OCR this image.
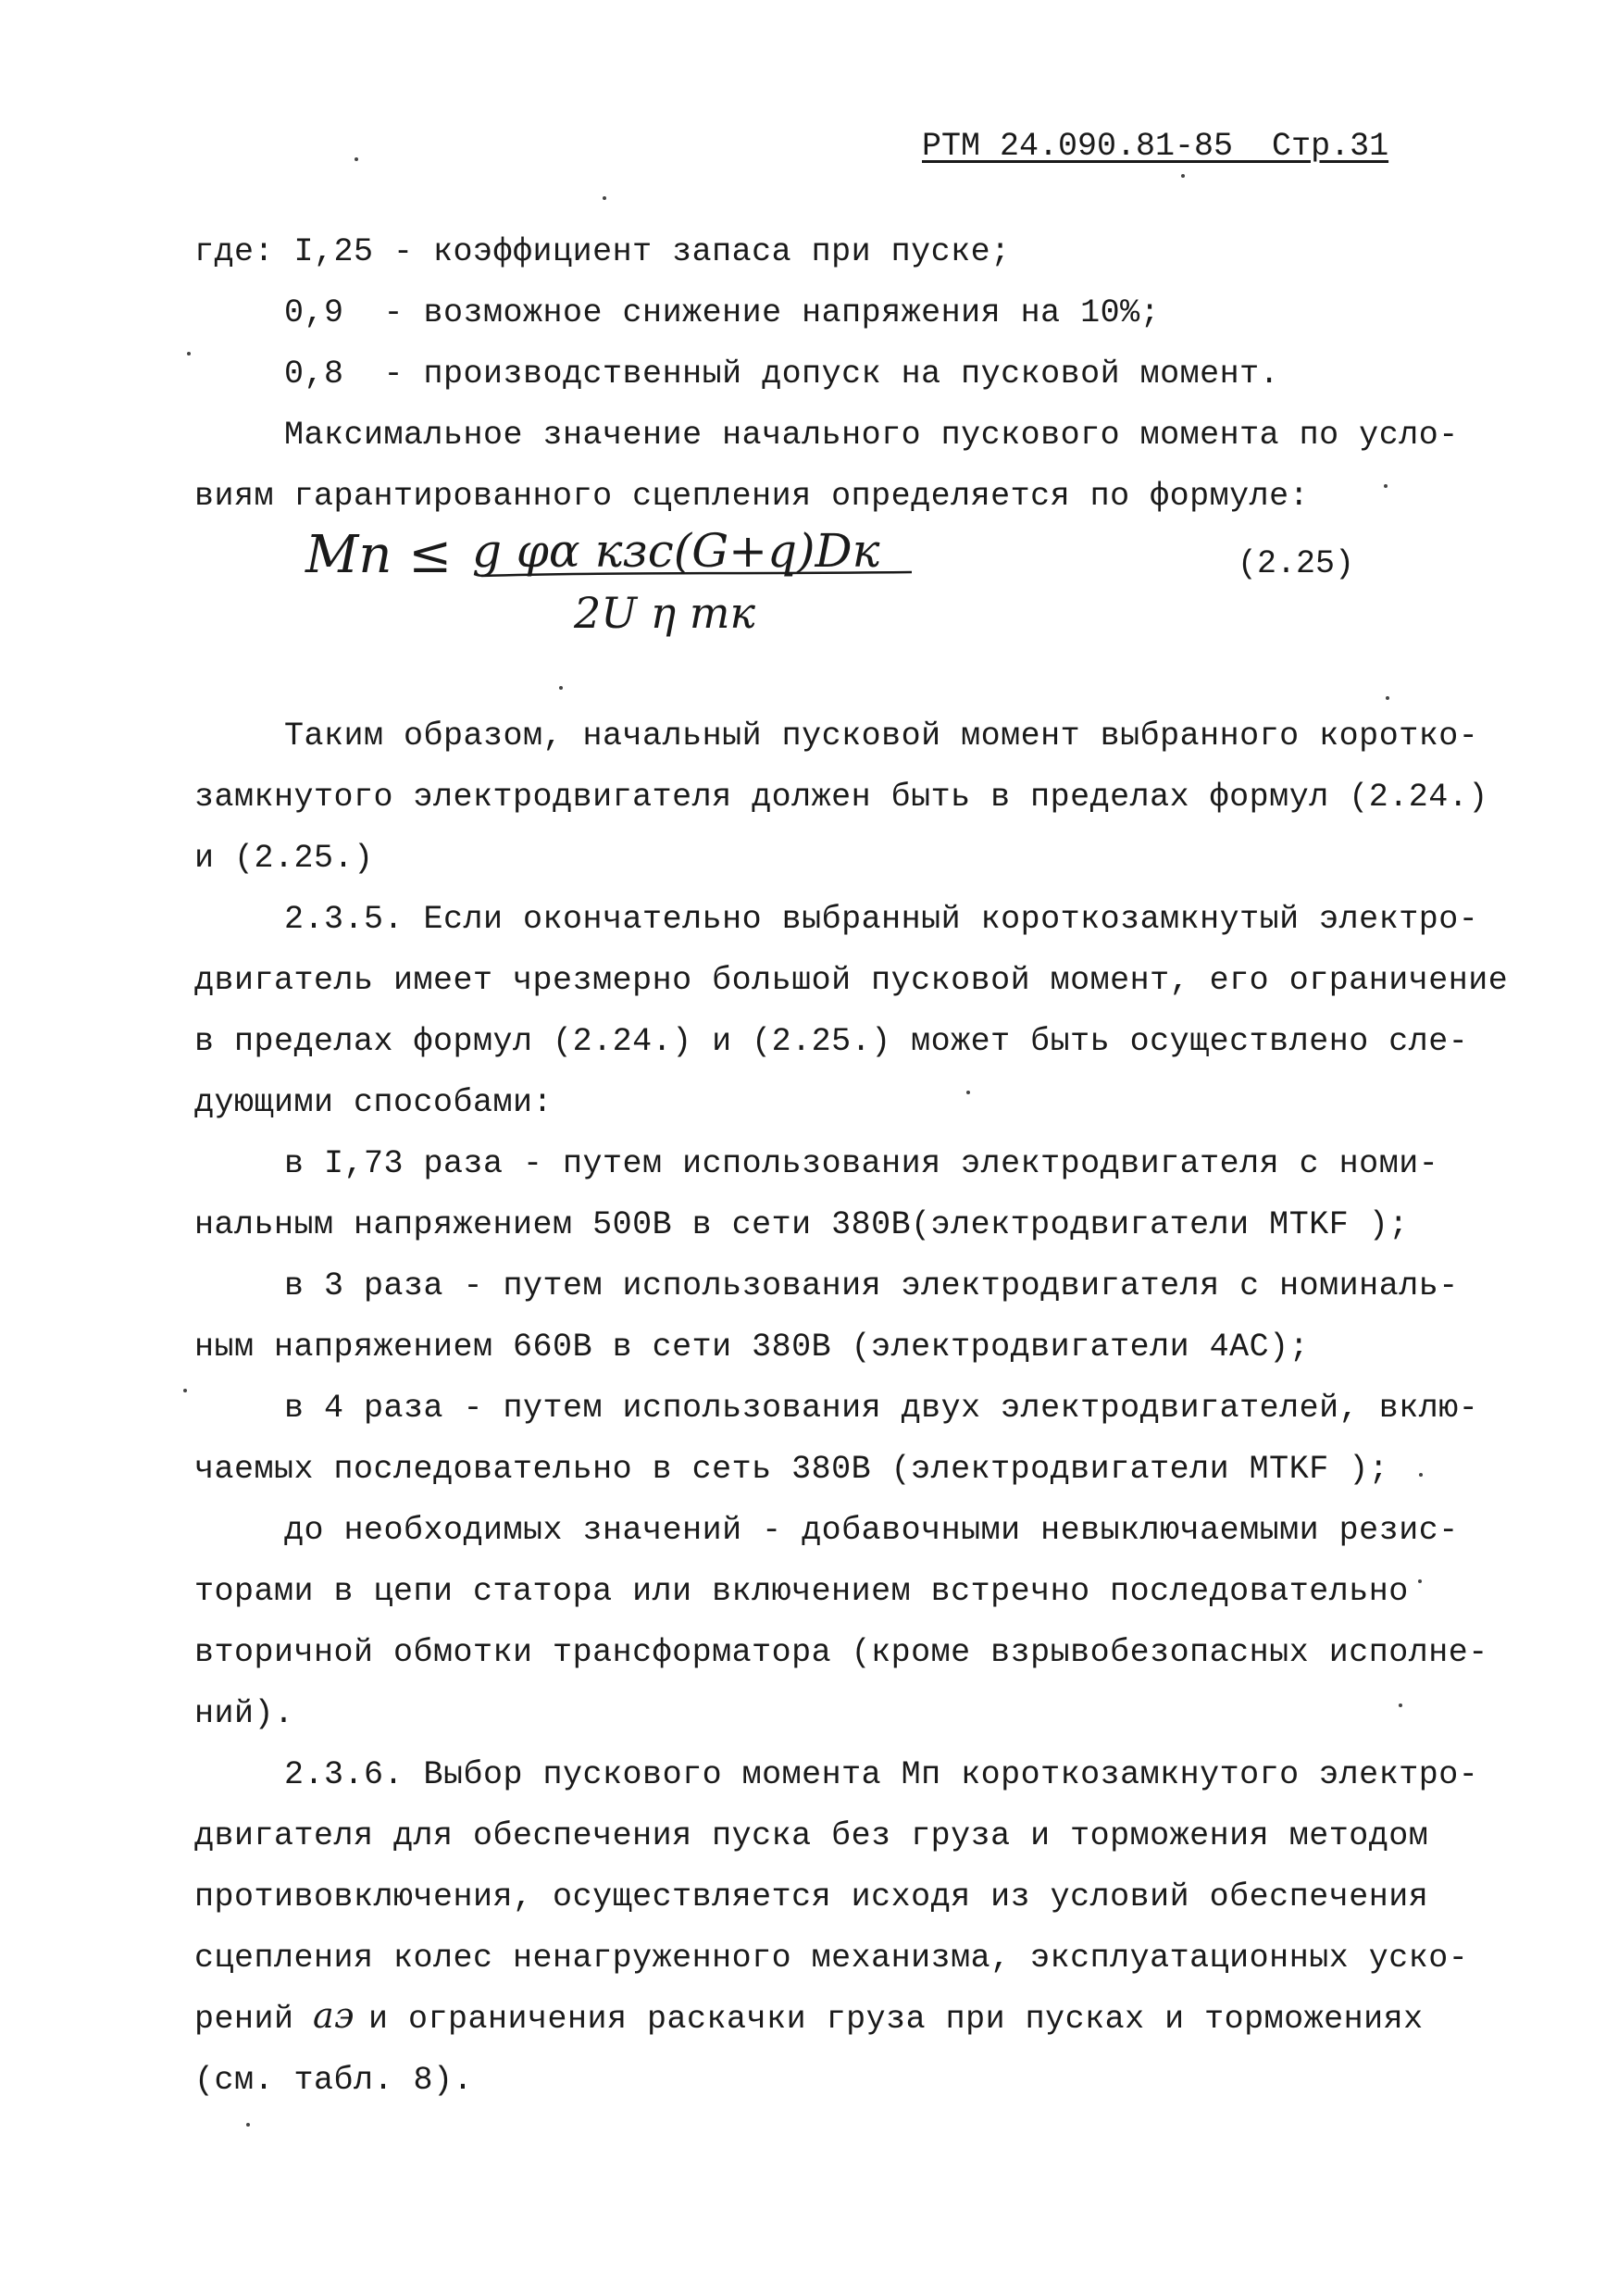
РТМ 24.090.81-85  Стр.31
где: I,25 - коэффициент запаса при пуске;
0,9  - возможное снижение напряжения на 10%;
0,8  - производственный допуск на пусковой момент.
Максимальное значение начального пускового момента по усло-
виям гарантированного сцепления определяется по формуле:
Mп ≤ g φα кзс(G+q)Dк
2U η mк
(2.25)
Таким образом, начальный пусковой момент выбранного коротко-
замкнутого электродвигателя должен быть в пределах формул (2.24.)
и (2.25.)
2.3.5. Если окончательно выбранный короткозамкнутый электро-
двигатель имеет чрезмерно большой пусковой момент, его ограничение
в пределах формул (2.24.) и (2.25.) может быть осуществлено сле-
дующими способами:
в I,73 раза - путем использования электродвигателя с номи-
нальным напряжением 500В в сети 380В(электродвигатели MTKF );
в 3 раза - путем использования электродвигателя с номиналь-
ным напряжением 660В в сети 380В (электродвигатели 4АС);
в 4 раза - путем использования двух электродвигателей, вклю-
чаемых последовательно в сеть 380В (электродвигатели MTKF );
до необходимых значений - добавочными невыключаемыми резис-
торами в цепи статора или включением встречно последовательно
вторичной обмотки трансформатора (кроме взрывобезопасных исполне-
ний).
2.3.6. Выбор пускового момента Мп короткозамкнутого электро-
двигателя для обеспечения пуска без груза и торможения методом
противовключения, осуществляется исходя из условий обеспечения
сцепления колес ненагруженного механизма, эксплуатационных уско-
рений аэ и ограничения раскачки груза при пусках и торможениях
(см. табл. 8).
